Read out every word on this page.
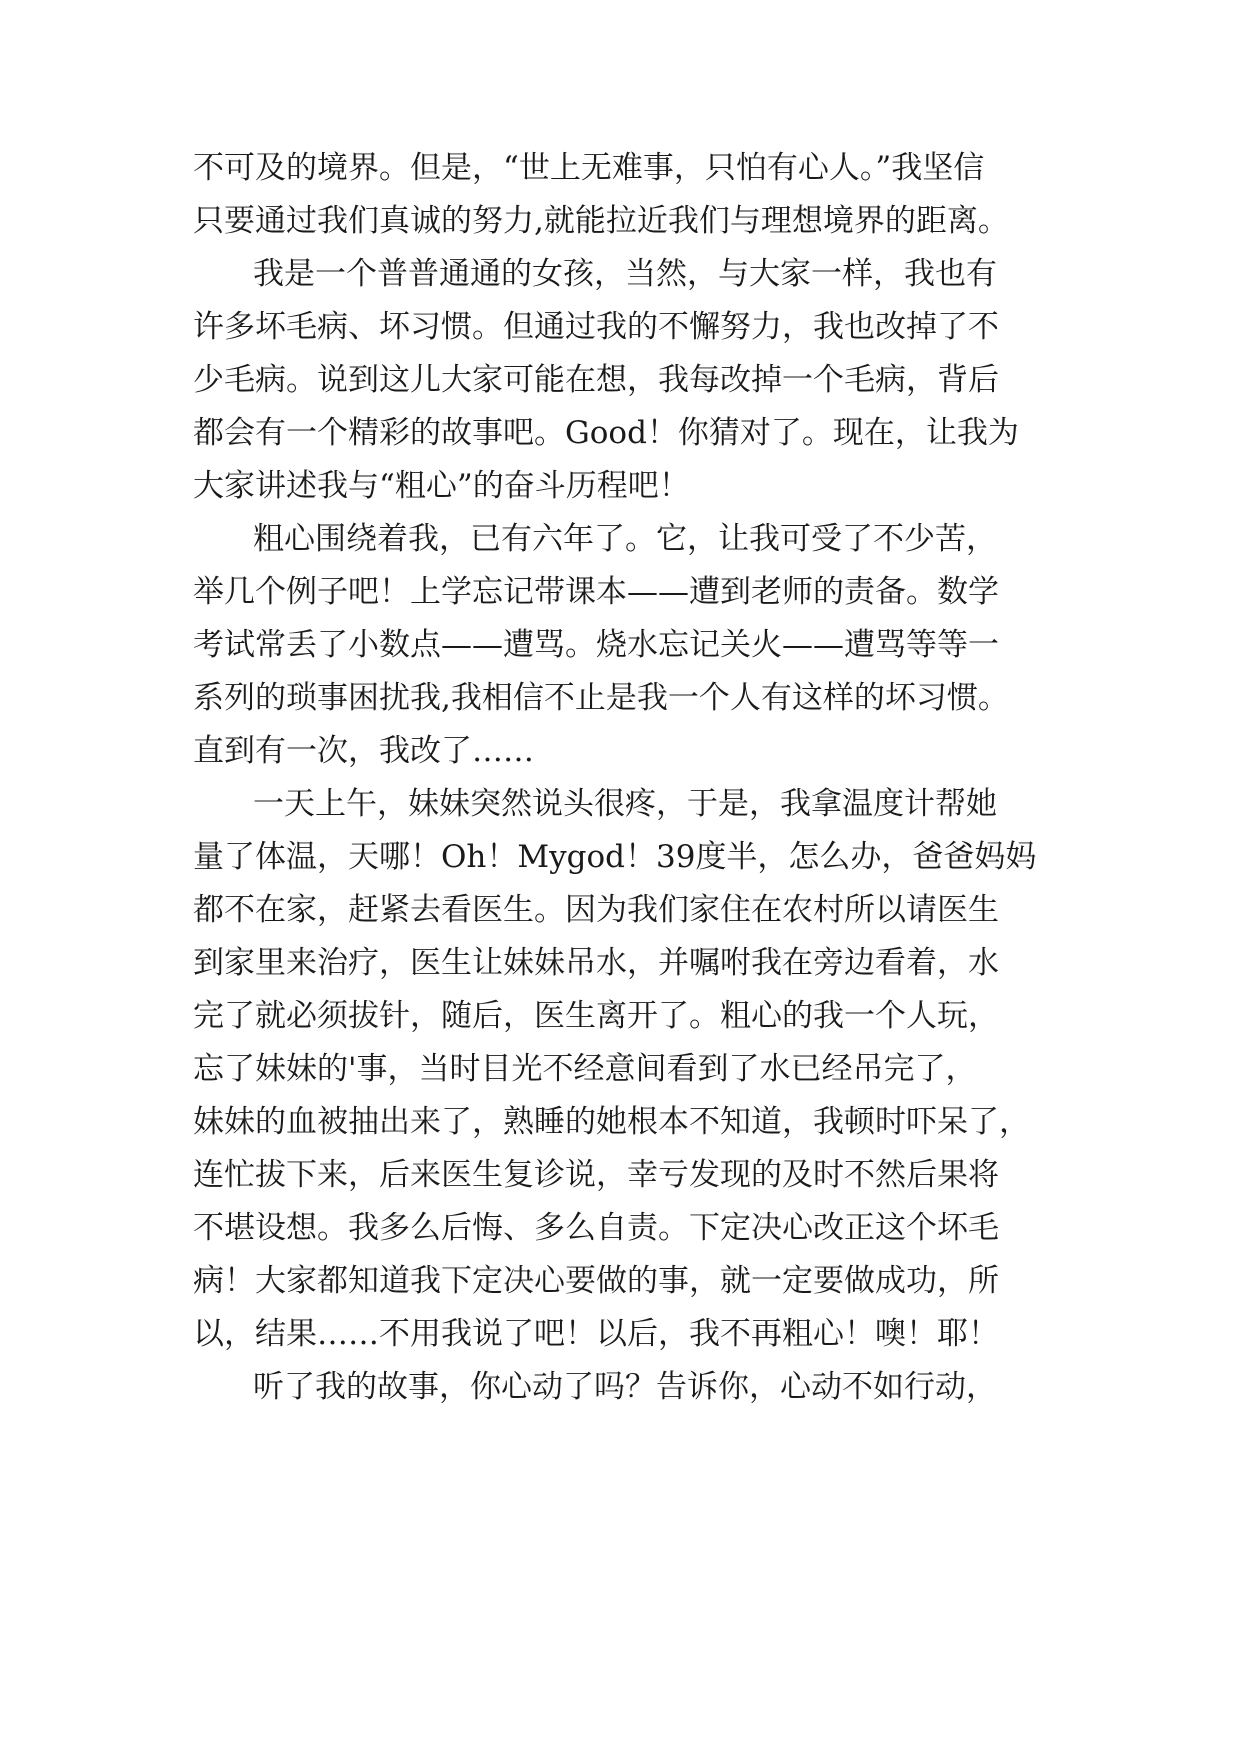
不可及的境界。但是，“世上无难事，只怕有心人。”我坚信
只要通过我们真诚的努力,就能拉近我们与理想境界的距离。
我是一个普普通通的女孩，当然，与大家一样，我也有
许多坏毛病、坏习惯。但通过我的不懈努力，我也改掉了不
少毛病。说到这儿大家可能在想，我每改掉一个毛病，背后
都会有一个精彩的故事吧。Good！你猜对了。现在，让我为
大家讲述我与“粗心”的奋斗历程吧！
粗心围绕着我，已有六年了。它，让我可受了不少苦，
举几个例子吧！上学忘记带课本——遭到老师的责备。数学
考试常丢了小数点——遭骂。烧水忘记关火——遭骂等等一
系列的琐事困扰我,我相信不止是我一个人有这样的坏习惯。
直到有一次，我改了……
一天上午，妹妹突然说头很疼，于是，我拿温度计帮她
量了体温，天哪！Oh！Mygod！39度半，怎么办，爸爸妈妈
都不在家，赶紧去看医生。因为我们家住在农村所以请医生
到家里来治疗，医生让妹妹吊水，并嘱咐我在旁边看着，水
完了就必须拔针，随后，医生离开了。粗心的我一个人玩，
忘了妹妹的'事，当时目光不经意间看到了水已经吊完了，
妹妹的血被抽出来了，熟睡的她根本不知道，我顿时吓呆了，
连忙拔下来，后来医生复诊说，幸亏发现的及时不然后果将
不堪设想。我多么后悔、多么自责。下定决心改正这个坏毛
病！大家都知道我下定决心要做的事，就一定要做成功，所
以，结果……不用我说了吧！以后，我不再粗心！噢！耶！
听了我的故事，你心动了吗？告诉你，心动不如行动，
